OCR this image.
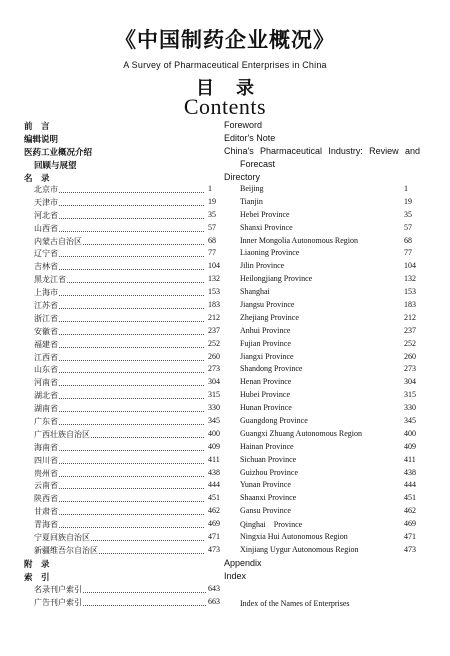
《中国制药企业概况》
A Survey of Pharmaceutical Enterprises in China
目录
Contents
前　言	Foreword
编辑说明	Editor's Note
医药工业概况介绍	China's Pharmaceutical Industry: Review and
回顾与展望	Forecast
名　录	Directory
北京市	1	Beijing	1
天津市	19	Tianjin	19
河北省	35	Hebei Province	35
山西省	57	Shanxi Province	57
内蒙古自治区	68	Inner Mongolia Autonomous Region	68
辽宁省	77	Liaoning Province	77
吉林省	104	Jilin Province	104
黑龙江省	132	Heilongjiang Province	132
上海市	153	Shanghai	153
江苏省	183	Jiangsu Province	183
浙江省	212	Zhejiang Province	212
安徽省	237	Anhui Province	237
福建省	252	Fujian Province	252
江西省	260	Jiangxi Province	260
山东省	273	Shandong Province	273
河南省	304	Henan Province	304
湖北省	315	Hubei Province	315
湖南省	330	Hunan Province	330
广东省	345	Guangdong Province	345
广西壮族自治区	400	Guangxi Zhuang Autonomous Region	400
海南省	409	Hainan Province	409
四川省	411	Sichuan Province	411
贵州省	438	Guizhou Province	438
云南省	444	Yunan Province	444
陕西省	451	Shaanxi Province	451
甘肃省	462	Gansu Province	462
青海省	469	Qinghai　Province	469
宁夏回族自治区	471	Ningxia Hui Autonomous Region	471
新疆维吾尔自治区	473	Xinjiang Uygur Autonomous Region	473
附　录	Appendix
索　引	Index
名录刊户索引	643
广告刊户索引	663	Index of the Names of Enterprises
